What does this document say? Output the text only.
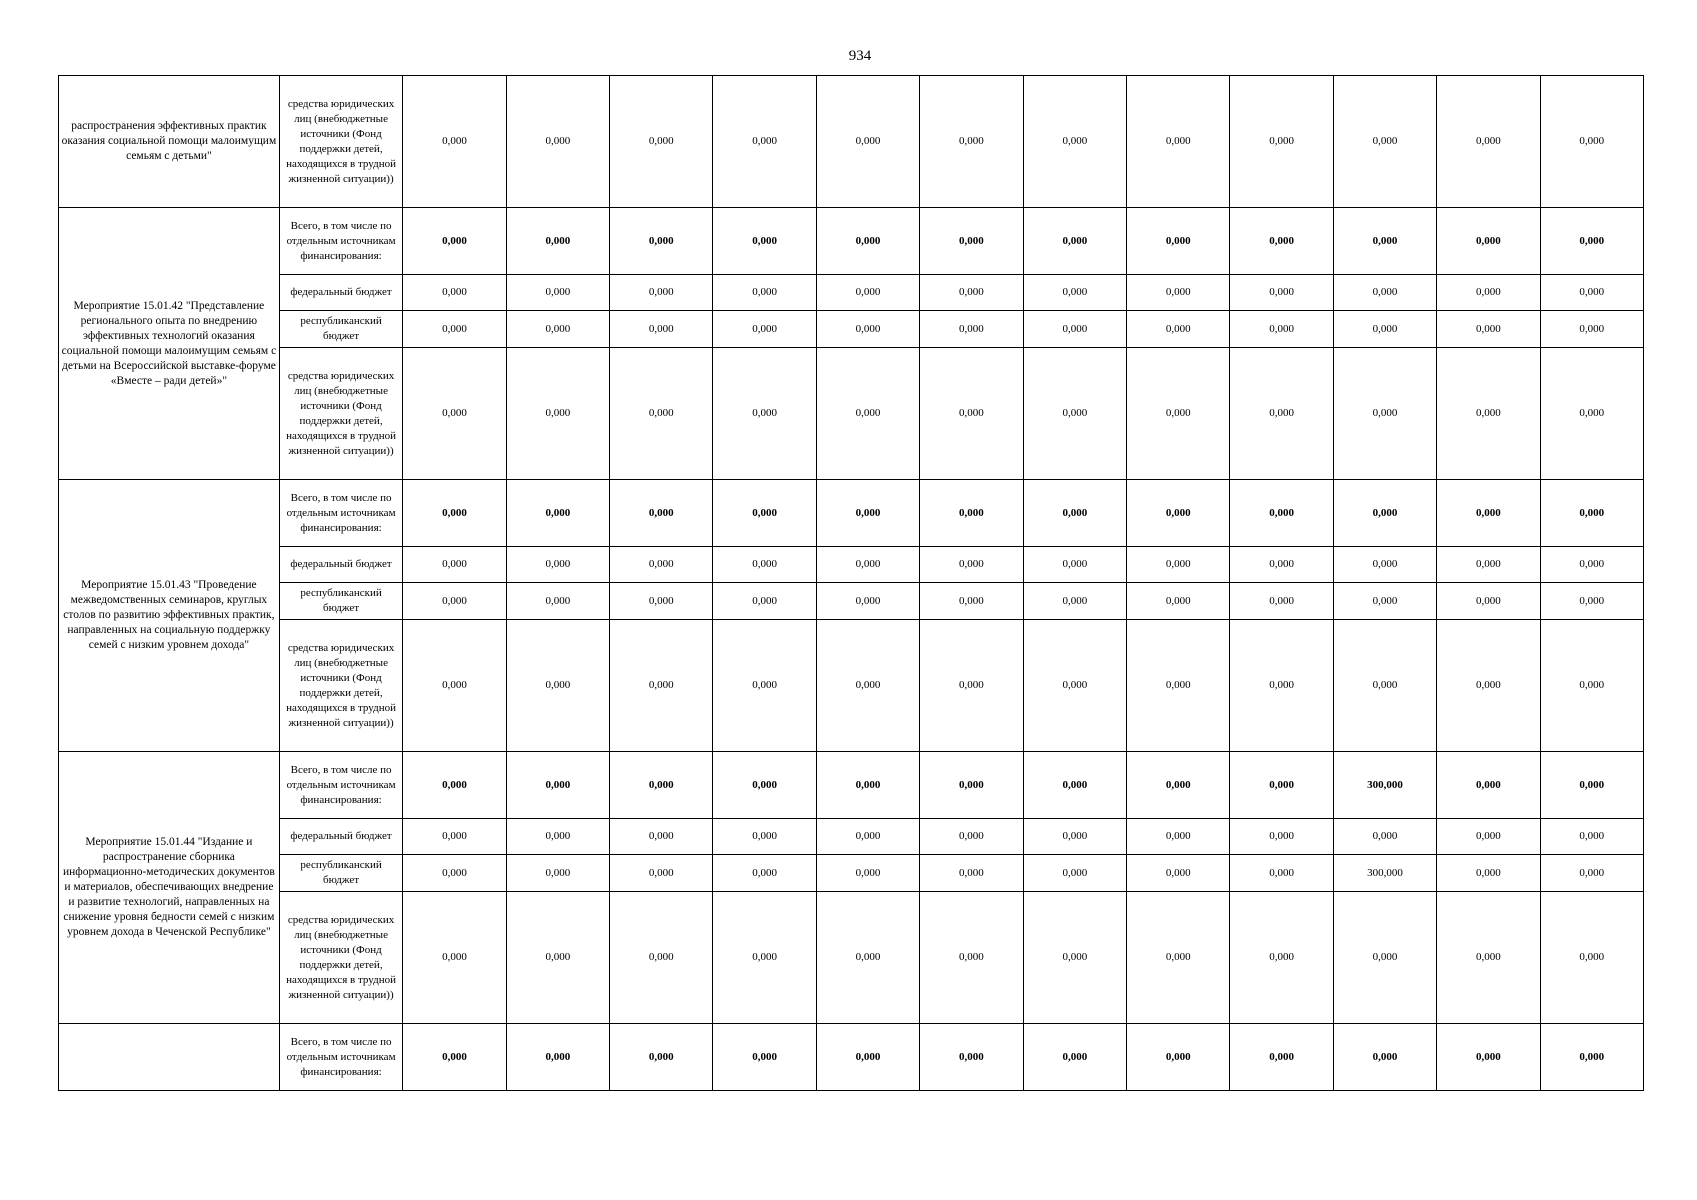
934
распространения эффективных практик оказания социальной помощи малоимущим семьям с детьми"	средства юридических лиц (внебюджетные источники (Фонд поддержки детей, находящихся в трудной жизненной ситуации))	0,000	0,000	0,000	0,000	0,000	0,000	0,000	0,000	0,000	0,000	0,000	0,000
Мероприятие 15.01.42 "Представление регионального опыта по внедрению эффективных технологий оказания социальной помощи малоимущим семьям с детьми на Всероссийской выставке-форуме «Вместе – ради детей»"	Всего, в том числе по отдельным источникам финансирования:	0,000	0,000	0,000	0,000	0,000	0,000	0,000	0,000	0,000	0,000	0,000	0,000
	федеральный бюджет	0,000	0,000	0,000	0,000	0,000	0,000	0,000	0,000	0,000	0,000	0,000	0,000
	республиканский бюджет	0,000	0,000	0,000	0,000	0,000	0,000	0,000	0,000	0,000	0,000	0,000	0,000
	средства юридических лиц (внебюджетные источники (Фонд поддержки детей, находящихся в трудной жизненной ситуации))	0,000	0,000	0,000	0,000	0,000	0,000	0,000	0,000	0,000	0,000	0,000	0,000
Мероприятие 15.01.43 "Проведение межведомственных семинаров, круглых столов по развитию эффективных практик, направленных на социальную поддержку семей с низким уровнем дохода"	Всего, в том числе по отдельным источникам финансирования:	0,000	0,000	0,000	0,000	0,000	0,000	0,000	0,000	0,000	0,000	0,000	0,000
	федеральный бюджет	0,000	0,000	0,000	0,000	0,000	0,000	0,000	0,000	0,000	0,000	0,000	0,000
	республиканский бюджет	0,000	0,000	0,000	0,000	0,000	0,000	0,000	0,000	0,000	0,000	0,000	0,000
	средства юридических лиц (внебюджетные источники (Фонд поддержки детей, находящихся в трудной жизненной ситуации))	0,000	0,000	0,000	0,000	0,000	0,000	0,000	0,000	0,000	0,000	0,000	0,000
Мероприятие 15.01.44 "Издание и распространение сборника информационно-методических документов и материалов, обеспечивающих внедрение и развитие технологий, направленных на снижение уровня бедности семей с низким уровнем дохода в Чеченской Республике"	Всего, в том числе по отдельным источникам финансирования:	0,000	0,000	0,000	0,000	0,000	0,000	0,000	0,000	0,000	300,000	0,000	0,000
	федеральный бюджет	0,000	0,000	0,000	0,000	0,000	0,000	0,000	0,000	0,000	0,000	0,000	0,000
	республиканский бюджет	0,000	0,000	0,000	0,000	0,000	0,000	0,000	0,000	0,000	300,000	0,000	0,000
	средства юридических лиц (внебюджетные источники (Фонд поддержки детей, находящихся в трудной жизненной ситуации))	0,000	0,000	0,000	0,000	0,000	0,000	0,000	0,000	0,000	0,000	0,000	0,000
	Всего, в том числе по отдельным источникам финансирования:	0,000	0,000	0,000	0,000	0,000	0,000	0,000	0,000	0,000	0,000	0,000	0,000
